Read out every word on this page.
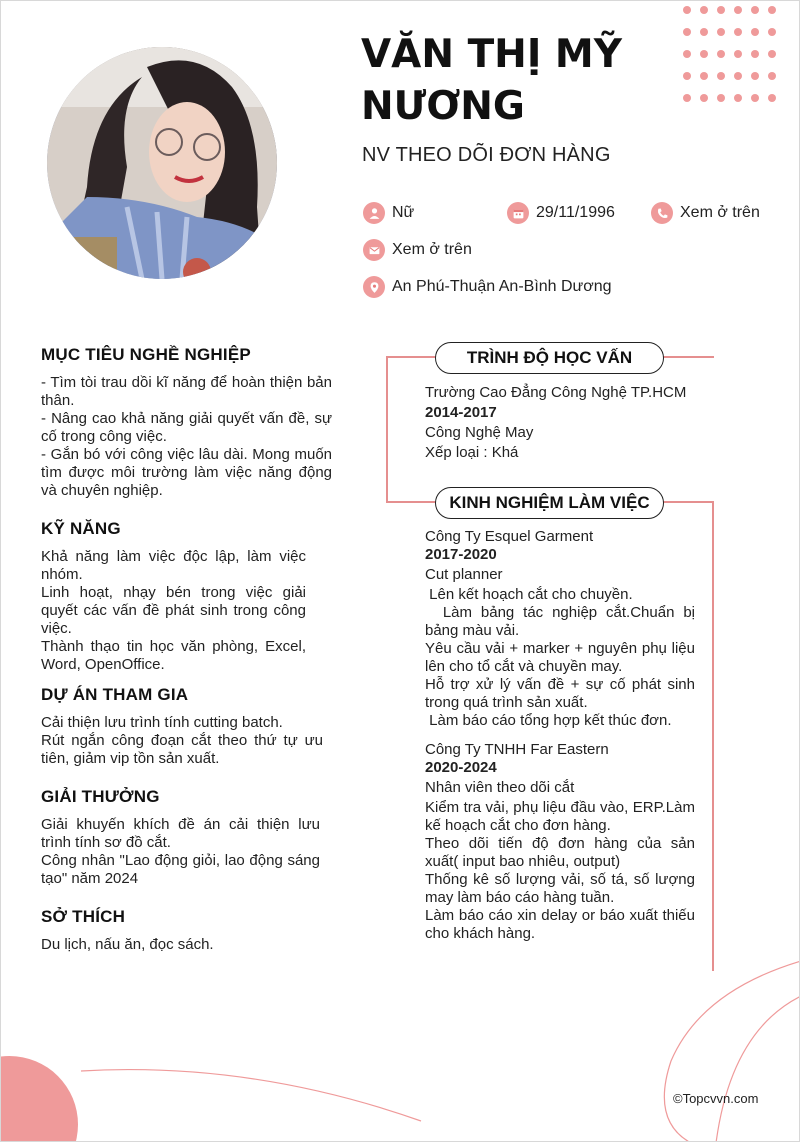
VĂN THỊ MỸ
NƯƠNG
NV THEO DÕI ĐƠN HÀNG
Nữ	29/11/1996	Xem ở trên
Xem ở trên
An Phú-Thuận An-Bình Dương
MỤC TIÊU NGHỀ NGHIỆP

- Tìm tòi trau dồi kĩ năng để hoàn thiện bản thân.

- Nâng cao khả năng giải quyết vấn đề, sự cố trong công việc.

- Gắn bó với công việc lâu dài. Mong muốn tìm được môi trường làm việc năng động và chuyên nghiệp.

KỸ NĂNG

Khả năng làm việc độc lập, làm việc nhóm.

Linh hoạt, nhạy bén trong việc giải quyết các vấn đề phát sinh trong công việc.

Thành thạo tin học văn phòng, Excel, Word, OpenOffice.

DỰ ÁN THAM GIA

Cải thiện lưu trình tính cutting batch.

Rút ngắn công đoạn cắt theo thứ tự ưu tiên, giảm vip tồn sản xuất.

GIẢI THƯỞNG

Giải khuyến khích đề án cải thiện lưu trình tính sơ đồ cắt.

Công nhân "Lao động giỏi, lao động sáng tạo" năm 2024

SỞ THÍCH

Du lịch, nấu ăn, đọc sách.

TRÌNH ĐỘ HỌC VẤN
KINH NGHIỆM LÀM VIỆC
Trường Cao Đẳng Công Nghệ TP.HCM
2014-2017
Công Nghệ May
Xếp loại : Khá
Công Ty Esquel Garment
2017-2020
Cut planner

Lên kết hoạch cắt cho chuyền.

Làm bảng tác nghiệp cắt.Chuẩn bị bảng màu vải.

Yêu cầu vải + marker + nguyên phụ liệu lên cho tổ cắt và chuyền may.

Hỗ trợ xử lý vấn đề + sự cố phát sinh trong quá trình sản xuất.

Làm báo cáo tổng hợp kết thúc đơn.

Công Ty TNHH Far Eastern
2020-2024
Nhân viên theo dõi cắt

Kiểm tra vải, phụ liệu đầu vào, ERP.Làm kế hoạch cắt cho đơn hàng.

Theo dõi tiến độ đơn hàng của sản xuất( input bao nhiêu, output)

Thống kê số lượng vải, số tá, số lượng may làm báo cáo hàng tuần.

Làm báo cáo xin delay or báo xuất thiếu cho khách hàng.

©Topcvvn.com
